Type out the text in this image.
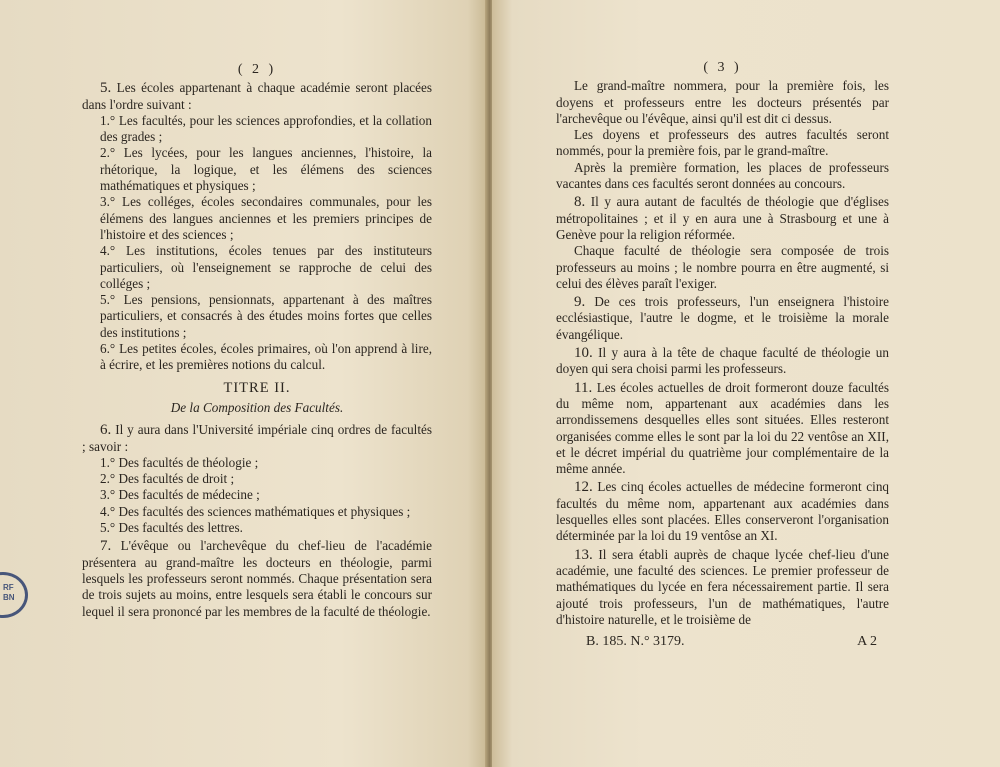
RF
BN
( 2 )

5. Les écoles appartenant à chaque académie seront placées dans l'ordre suivant :

1.° Les facultés, pour les sciences approfondies, et la collation des grades ;

2.° Les lycées, pour les langues anciennes, l'histoire, la rhétorique, la logique, et les élémens des sciences mathématiques et physiques ;

3.° Les colléges, écoles secondaires communales, pour les élémens des langues anciennes et les premiers principes de l'histoire et des sciences ;

4.° Les institutions, écoles tenues par des instituteurs particuliers, où l'enseignement se rapproche de celui des colléges ;

5.° Les pensions, pensionnats, appartenant à des maîtres particuliers, et consacrés à des études moins fortes que celles des institutions ;

6.° Les petites écoles, écoles primaires, où l'on apprend à lire, à écrire, et les premières notions du calcul.

TITRE II.
De la Composition des Facultés.

6. Il y aura dans l'Université impériale cinq ordres de facultés ; savoir :

1.° Des facultés de théologie ;

2.° Des facultés de droit ;

3.° Des facultés de médecine ;

4.° Des facultés des sciences mathématiques et physiques ;

5.° Des facultés des lettres.

7. L'évêque ou l'archevêque du chef-lieu de l'académie présentera au grand-maître les docteurs en théologie, parmi lesquels les professeurs seront nommés. Chaque présentation sera de trois sujets au moins, entre lesquels sera établi le concours sur lequel il sera prononcé par les membres de la faculté de théologie.

( 3 )

Le grand-maître nommera, pour la première fois, les doyens et professeurs entre les docteurs présentés par l'archevêque ou l'évêque, ainsi qu'il est dit ci dessus.

Les doyens et professeurs des autres facultés seront nommés, pour la première fois, par le grand-maître.

Après la première formation, les places de professeurs vacantes dans ces facultés seront données au concours.

8. Il y aura autant de facultés de théologie que d'églises métropolitaines ; et il y en aura une à Strasbourg et une à Genève pour la religion réformée.

Chaque faculté de théologie sera composée de trois professeurs au moins ; le nombre pourra en être augmenté, si celui des élèves paraît l'exiger.

9. De ces trois professeurs, l'un enseignera l'histoire ecclésiastique, l'autre le dogme, et le troisième la morale évangélique.

10. Il y aura à la tête de chaque faculté de théologie un doyen qui sera choisi parmi les professeurs.

11. Les écoles actuelles de droit formeront douze facultés du même nom, appartenant aux académies dans les arrondissemens desquelles elles sont situées. Elles resteront organisées comme elles le sont par la loi du 22 ventôse an XII, et le décret impérial du quatrième jour complémentaire de la même année.

12. Les cinq écoles actuelles de médecine formeront cinq facultés du même nom, appartenant aux académies dans lesquelles elles sont placées. Elles conserveront l'organisation déterminée par la loi du 19 ventôse an XI.

13. Il sera établi auprès de chaque lycée chef-lieu d'une académie, une faculté des sciences. Le premier professeur de mathématiques du lycée en fera nécessairement partie. Il sera ajouté trois professeurs, l'un de mathématiques, l'autre d'histoire naturelle, et le troisième de

B. 185. N.° 3179.	A 2
